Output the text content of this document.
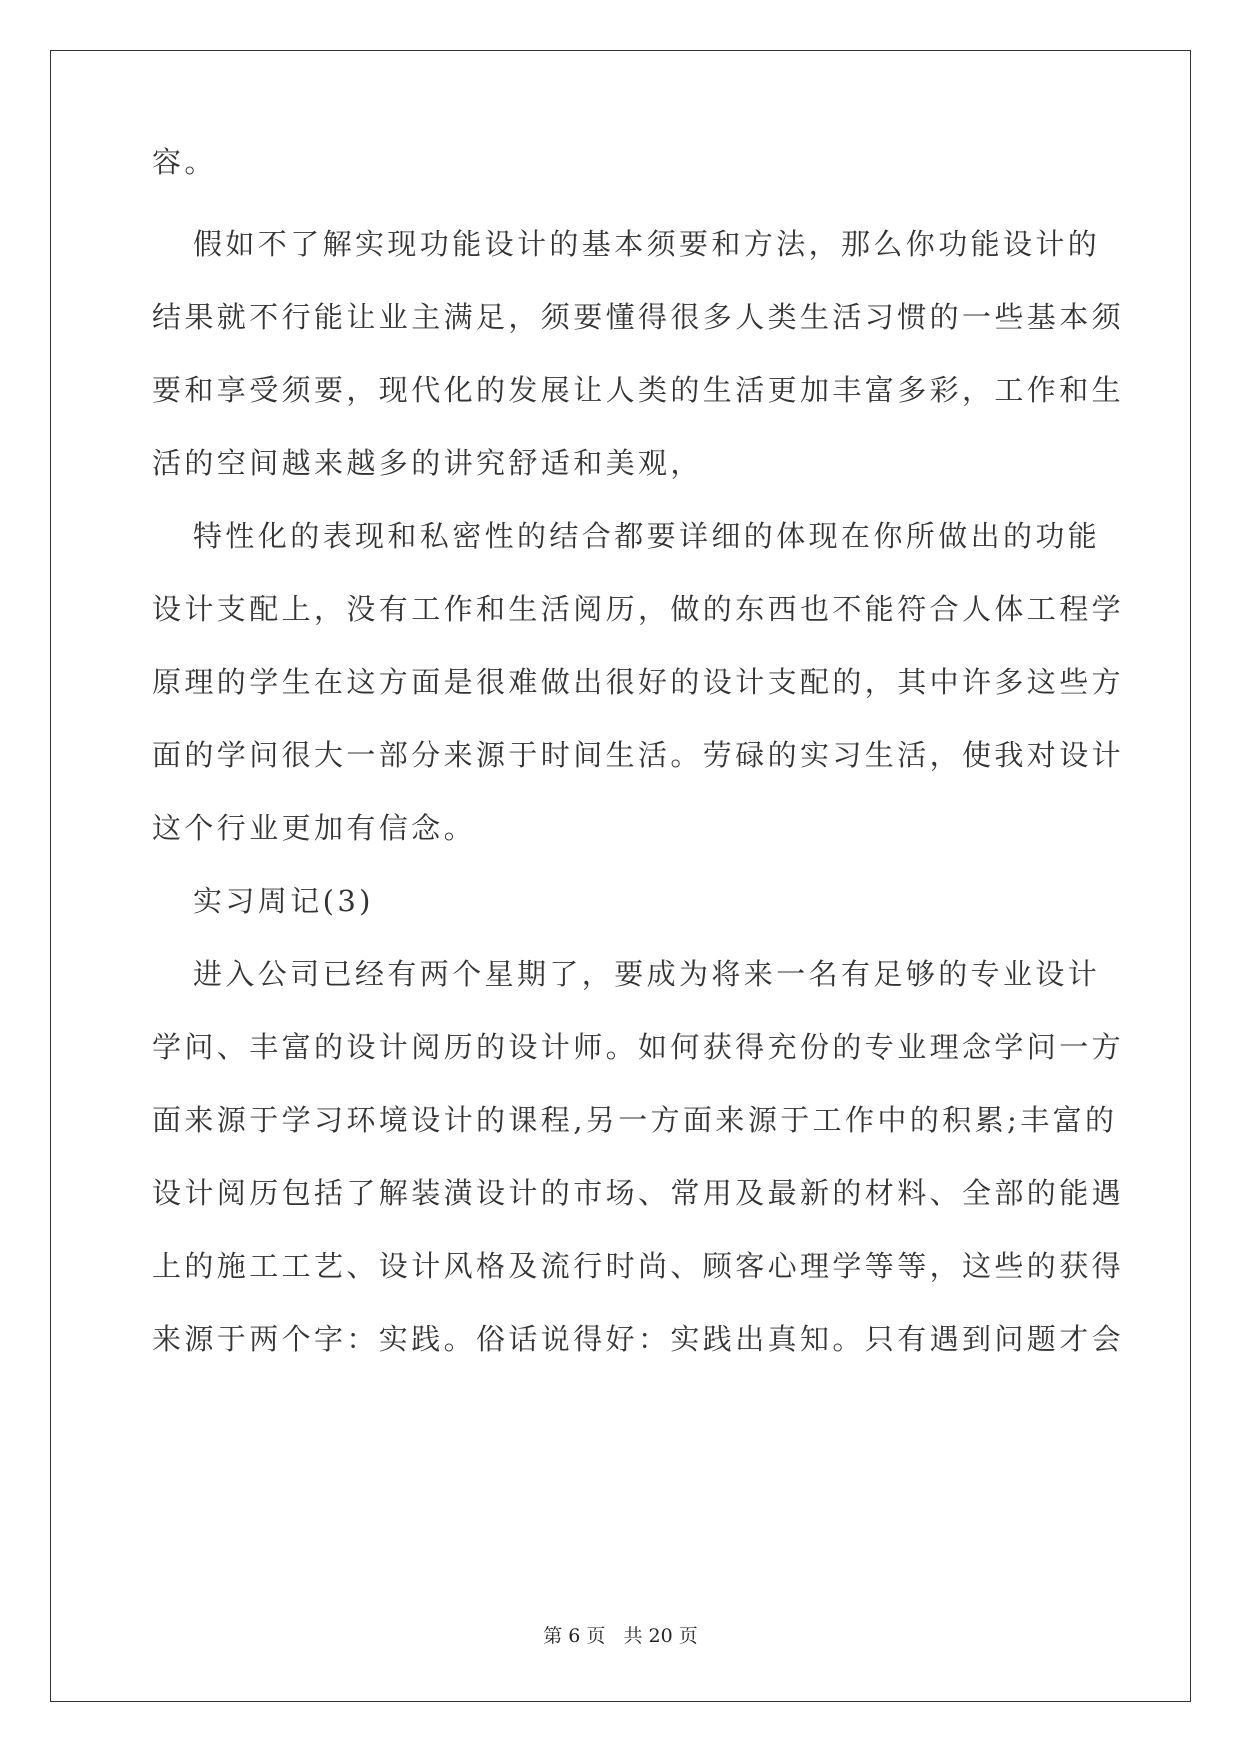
容。
假如不了解实现功能设计的基本须要和方法，那么你功能设计的
结果就不行能让业主满足，须要懂得很多人类生活习惯的一些基本须
要和享受须要，现代化的发展让人类的生活更加丰富多彩，工作和生
活的空间越来越多的讲究舒适和美观，
特性化的表现和私密性的结合都要详细的体现在你所做出的功能
设计支配上，没有工作和生活阅历，做的东西也不能符合人体工程学
原理的学生在这方面是很难做出很好的设计支配的，其中许多这些方
面的学问很大一部分来源于时间生活。劳碌的实习生活，使我对设计
这个行业更加有信念。
实习周记(3)
进入公司已经有两个星期了，要成为将来一名有足够的专业设计
学问、丰富的设计阅历的设计师。如何获得充份的专业理念学问一方
面来源于学习环境设计的课程,另一方面来源于工作中的积累;丰富的
设计阅历包括了解装潢设计的市场、常用及最新的材料、全部的能遇
上的施工工艺、设计风格及流行时尚、顾客心理学等等，这些的获得
来源于两个字：实践。俗话说得好：实践出真知。只有遇到问题才会
第 6 页 共 20 页
